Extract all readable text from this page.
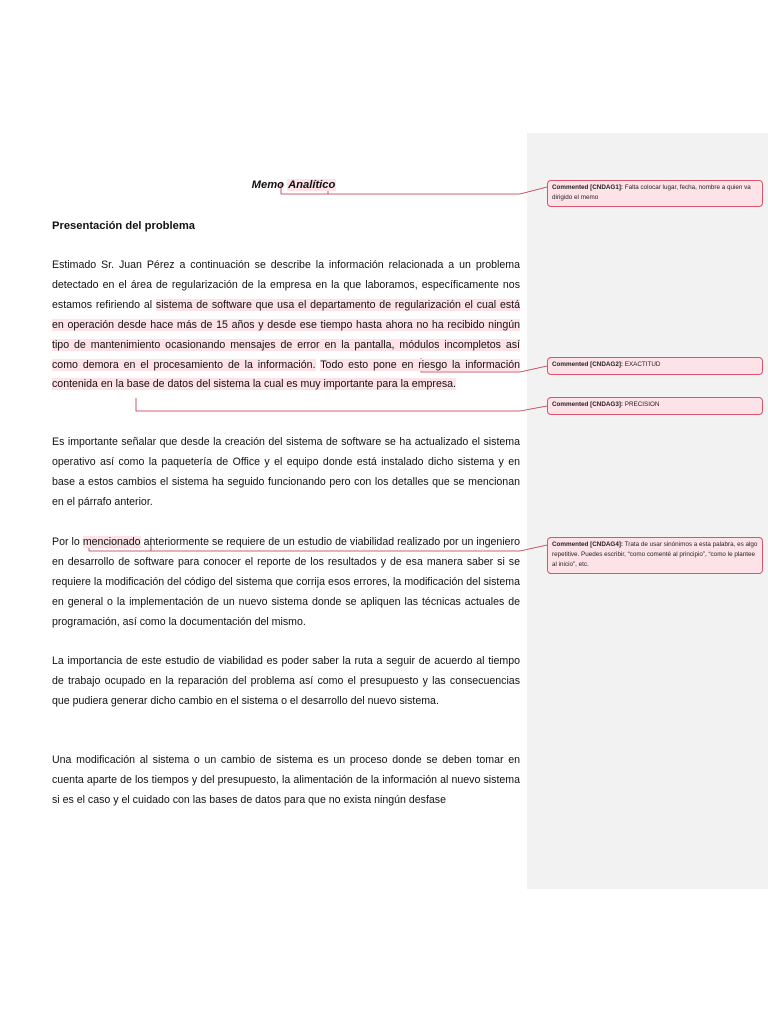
Memo Analítico
Presentación del problema
Estimado Sr. Juan Pérez a continuación se describe la información relacionada a un problema detectado en el área de regularización de la empresa en la que laboramos, específicamente nos estamos refiriendo al sistema de software que usa el departamento de regularización el cual está en operación desde hace más de 15 años y desde ese tiempo hasta ahora no ha recibido ningún tipo de mantenimiento ocasionando mensajes de error en la pantalla, módulos incompletos así como demora en el procesamiento de la información. Todo esto pone en riesgo la información contenida en la base de datos del sistema la cual es muy importante para la empresa.
Es importante señalar que desde la creación del sistema de software se ha actualizado el sistema operativo así como la paquetería de Office y el equipo donde está instalado dicho sistema y en base a estos cambios el sistema ha seguido funcionando pero con los detalles que se mencionan en el párrafo anterior.
Por lo mencionado anteriormente se requiere de un estudio de viabilidad realizado por un ingeniero en desarrollo de software para conocer el reporte de los resultados y de esa manera saber si se requiere la modificación del código del sistema que corrija esos errores, la modificación del sistema en general o la implementación de un nuevo sistema donde se apliquen las técnicas actuales de programación, así como la documentación del mismo.
La importancia de este estudio de viabilidad es poder saber la ruta a seguir de acuerdo al tiempo de trabajo ocupado en la reparación del problema así como el presupuesto y las consecuencias que pudiera generar dicho cambio en el sistema o el desarrollo del nuevo sistema.
Una modificación al sistema o un cambio de sistema es un proceso donde se deben tomar en cuenta aparte de los tiempos y del presupuesto, la alimentación de la información al nuevo sistema si es el caso y el cuidado con las bases de datos para que no exista ningún desfase
Commented [CNDAG1]: Falta colocar lugar, fecha, nombre a quien va dirigido el memo
Commented [CNDAG2]: EXACTITUD
Commented [CNDAG3]: PRECISION
Commented [CNDAG4]: Trata de usar sinónimos a esta palabra, es algo repetitive. Puedes escribir, “como comenté al principio”, “como le plantee al inicio”, etc.
